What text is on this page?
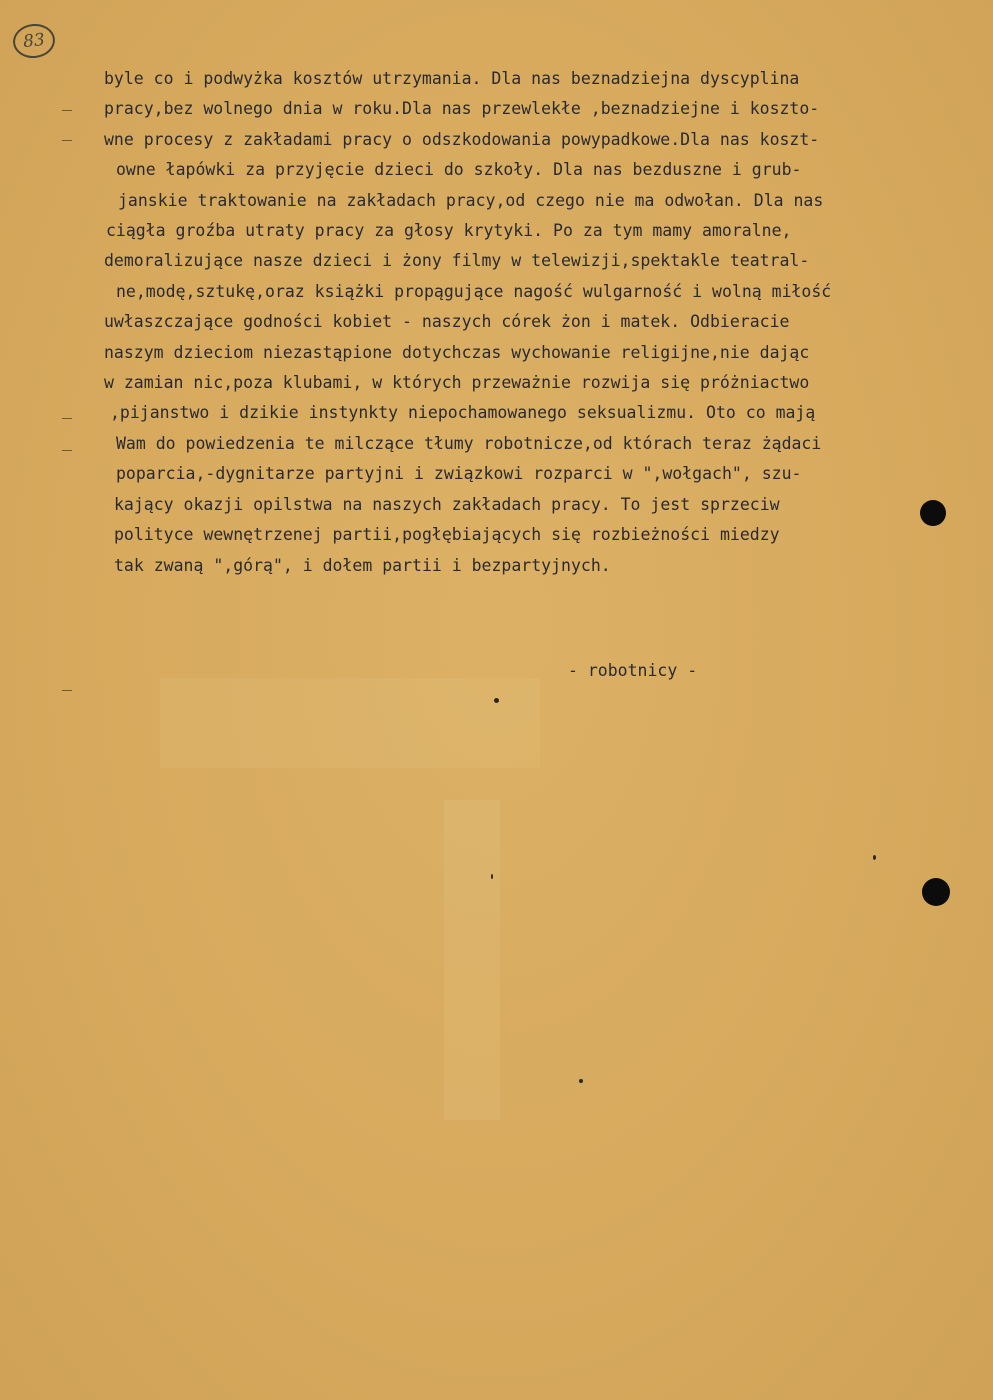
83

byle co i podwyżka kosztów utrzymania. Dla nas beznadziejna dyscyplina
pracy,bez wolnego dnia w roku.Dla nas przewlekłe ,beznadziejne i koszto-
wne procesy z zakładami pracy o odszkodowania powypadkowe.Dla nas koszt-
owne łapówki za przyjęcie dzieci do szkoły. Dla nas bezduszne i grub-
janskie traktowanie na zakładach pracy,od czego nie ma odwołan. Dla nas
ciągła groźba utraty pracy za głosy krytyki. Po za tym mamy amoralne,
demoralizujące nasze dzieci i żony filmy w telewizji,spektakle teatral-
ne,modę,sztukę,oraz książki propągujące nagość wulgarność i wolną miłość
uwłaszczające godności kobiet - naszych córek żon i matek. Odbieracie
naszym dzieciom niezastąpione dotychczas wychowanie religijne,nie dając
w zamian nic,poza klubami, w których przeważnie rozwija się próżniactwo
,pijanstwo i dzikie instynkty niepochamowanego seksualizmu. Oto co mają
Wam do powiedzenia te milczące tłumy robotnicze,od którach teraz żądaci
poparcia,-dygnitarze partyjni i związkowi rozparci w ",wołgach", szu-
kający okazji opilstwa na naszych zakładach pracy. To jest sprzeciw
polityce wewnętrzenej partii,pogłębiających się rozbieżności miedzy
tak zwaną ",górą", i dołem partii i bezpartyjnych.

- robotnicy -
